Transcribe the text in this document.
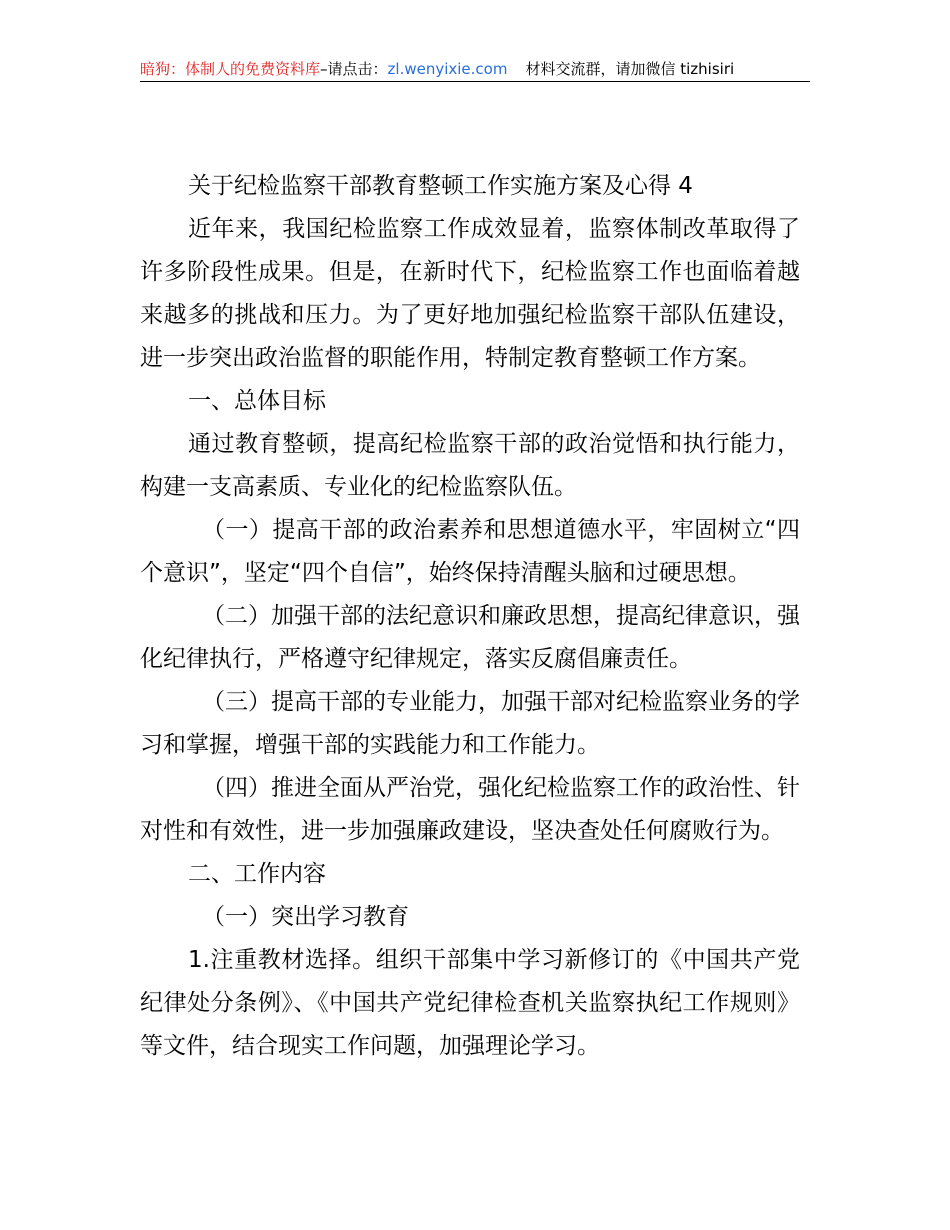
暗狗：体制人的免费资料库–请点击：zl.wenyixie.com 材料交流群，请加微信 tizhisiri

关于纪检监察干部教育整顿工作实施方案及心得 4

近年来，我国纪检监察工作成效显着，监察体制改革取得了许多阶段性成果。但是，在新时代下，纪检监察工作也面临着越来越多的挑战和压力。为了更好地加强纪检监察干部队伍建设，进一步突出政治监督的职能作用，特制定教育整顿工作方案。

一、总体目标

通过教育整顿，提高纪检监察干部的政治觉悟和执行能力，构建一支高素质、专业化的纪检监察队伍。

（一）提高干部的政治素养和思想道德水平，牢固树立“四个意识”，坚定“四个自信”，始终保持清醒头脑和过硬思想。

（二）加强干部的法纪意识和廉政思想，提高纪律意识，强化纪律执行，严格遵守纪律规定，落实反腐倡廉责任。

（三）提高干部的专业能力，加强干部对纪检监察业务的学习和掌握，增强干部的实践能力和工作能力。

（四）推进全面从严治党，强化纪检监察工作的政治性、针对性和有效性，进一步加强廉政建设，坚决查处任何腐败行为。

二、工作内容

（一）突出学习教育

1.注重教材选择。组织干部集中学习新修订的《中国共产党纪律处分条例》、《中国共产党纪律检查机关监察执纪工作规则》等文件，结合现实工作问题，加强理论学习。
